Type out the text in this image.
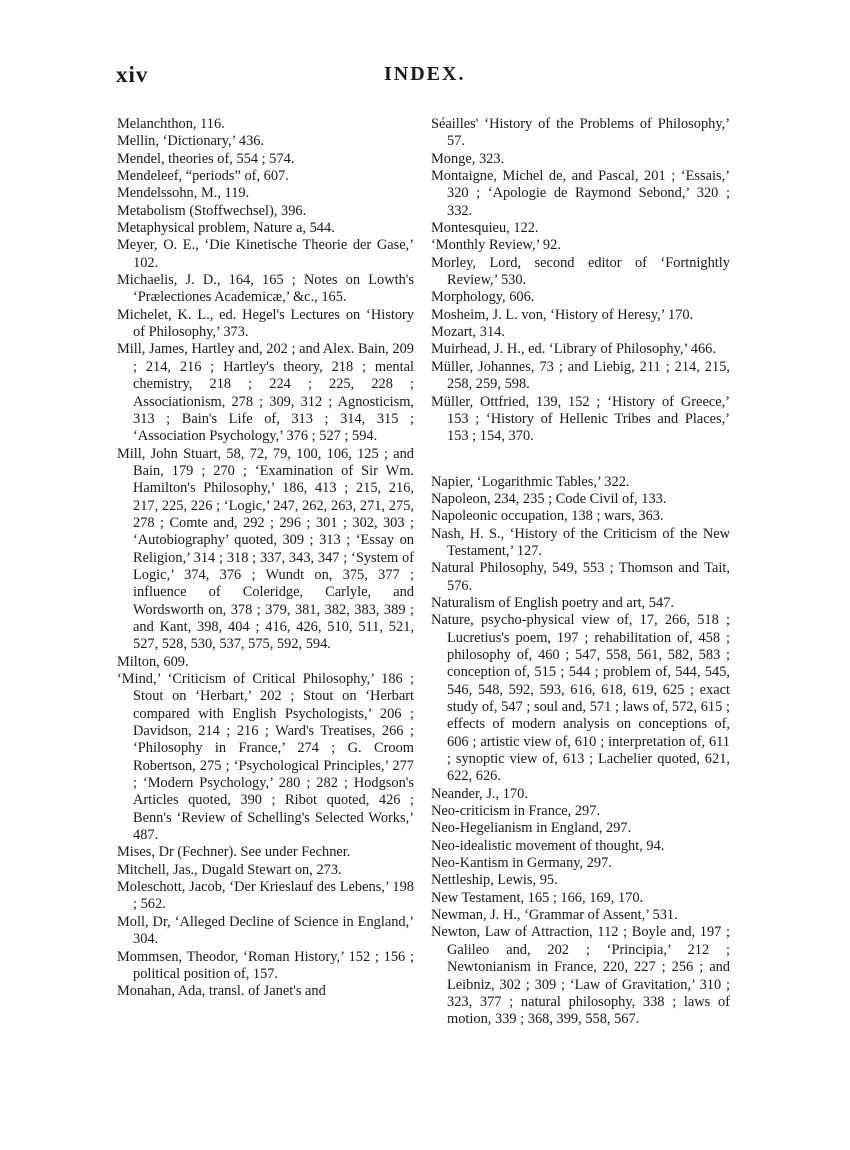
xiv	INDEX.

Melanchthon, 116.

Mellin, ‘Dictionary,’ 436.

Mendel, theories of, 554 ; 574.

Mendeleef, “periods” of, 607.

Mendelssohn, M., 119.

Metabolism (Stoffwechsel), 396.

Metaphysical problem, Nature a, 544.

Meyer, O. E., ‘Die Kinetische Theorie der Gase,’ 102.

Michaelis, J. D., 164, 165 ; Notes on Lowth's ‘Prælectiones Academicæ,’ &c., 165.

Michelet, K. L., ed. Hegel's Lectures on ‘History of Philosophy,’ 373.

Mill, James, Hartley and, 202 ; and Alex. Bain, 209 ; 214, 216 ; Hartley's theory, 218 ; mental chemistry, 218 ; 224 ; 225, 228 ; Associationism, 278 ; 309, 312 ; Agnosticism, 313 ; Bain's Life of, 313 ; 314, 315 ; ‘Association Psychology,’ 376 ; 527 ; 594.

Mill, John Stuart, 58, 72, 79, 100, 106, 125 ; and Bain, 179 ; 270 ; ‘Examination of Sir Wm. Hamilton's Philosophy,’ 186, 413 ; 215, 216, 217, 225, 226 ; ‘Logic,’ 247, 262, 263, 271, 275, 278 ; Comte and, 292 ; 296 ; 301 ; 302, 303 ; ‘Autobiography’ quoted, 309 ; 313 ; ‘Essay on Religion,’ 314 ; 318 ; 337, 343, 347 ; ‘System of Logic,’ 374, 376 ; Wundt on, 375, 377 ; influence of Coleridge, Carlyle, and Wordsworth on, 378 ; 379, 381, 382, 383, 389 ; and Kant, 398, 404 ; 416, 426, 510, 511, 521, 527, 528, 530, 537, 575, 592, 594.

Milton, 609.

‘Mind,’ ‘Criticism of Critical Philosophy,’ 186 ; Stout on ‘Herbart,’ 202 ; Stout on ‘Herbart compared with English Psychologists,’ 206 ; Davidson, 214 ; 216 ; Ward's Treatises, 266 ; ‘Philosophy in France,’ 274 ; G. Croom Robertson, 275 ; ‘Psychological Principles,’ 277 ; ‘Modern Psychology,’ 280 ; 282 ; Hodgson's Articles quoted, 390 ; Ribot quoted, 426 ; Benn's ‘Review of Schelling's Selected Works,’ 487.

Mises, Dr (Fechner). See under Fechner.

Mitchell, Jas., Dugald Stewart on, 273.

Moleschott, Jacob, ‘Der Krieslauf des Lebens,’ 198 ; 562.

Moll, Dr, ‘Alleged Decline of Science in England,’ 304.

Mommsen, Theodor, ‘Roman History,’ 152 ; 156 ; political position of, 157.

Monahan, Ada, transl. of Janet's and

Séailles' ‘History of the Problems of Philosophy,’ 57.

Monge, 323.

Montaigne, Michel de, and Pascal, 201 ; ‘Essais,’ 320 ; ‘Apologie de Raymond Sebond,’ 320 ; 332.

Montesquieu, 122.

‘Monthly Review,’ 92.

Morley, Lord, second editor of ‘Fortnightly Review,’ 530.

Morphology, 606.

Mosheim, J. L. von, ‘History of Heresy,’ 170.

Mozart, 314.

Muirhead, J. H., ed. ‘Library of Philosophy,’ 466.

Müller, Johannes, 73 ; and Liebig, 211 ; 214, 215, 258, 259, 598.

Müller, Ottfried, 139, 152 ; ‘History of Greece,’ 153 ; ‘History of Hellenic Tribes and Places,’ 153 ; 154, 370.

Napier, ‘Logarithmic Tables,’ 322.

Napoleon, 234, 235 ; Code Civil of, 133.

Napoleonic occupation, 138 ; wars, 363.

Nash, H. S., ‘History of the Criticism of the New Testament,’ 127.

Natural Philosophy, 549, 553 ; Thomson and Tait, 576.

Naturalism of English poetry and art, 547.

Nature, psycho-physical view of, 17, 266, 518 ; Lucretius's poem, 197 ; rehabilitation of, 458 ; philosophy of, 460 ; 547, 558, 561, 582, 583 ; conception of, 515 ; 544 ; problem of, 544, 545, 546, 548, 592, 593, 616, 618, 619, 625 ; exact study of, 547 ; soul and, 571 ; laws of, 572, 615 ; effects of modern analysis on conceptions of, 606 ; artistic view of, 610 ; interpretation of, 611 ; synoptic view of, 613 ; Lachelier quoted, 621, 622, 626.

Neander, J., 170.

Neo-criticism in France, 297.

Neo-Hegelianism in England, 297.

Neo-idealistic movement of thought, 94.

Neo-Kantism in Germany, 297.

Nettleship, Lewis, 95.

New Testament, 165 ; 166, 169, 170.

Newman, J. H., ‘Grammar of Assent,’ 531.

Newton, Law of Attraction, 112 ; Boyle and, 197 ; Galileo and, 202 ; ‘Principia,’ 212 ; Newtonianism in France, 220, 227 ; 256 ; and Leibniz, 302 ; 309 ; ‘Law of Gravitation,’ 310 ; 323, 377 ; natural philosophy, 338 ; laws of motion, 339 ; 368, 399, 558, 567.
